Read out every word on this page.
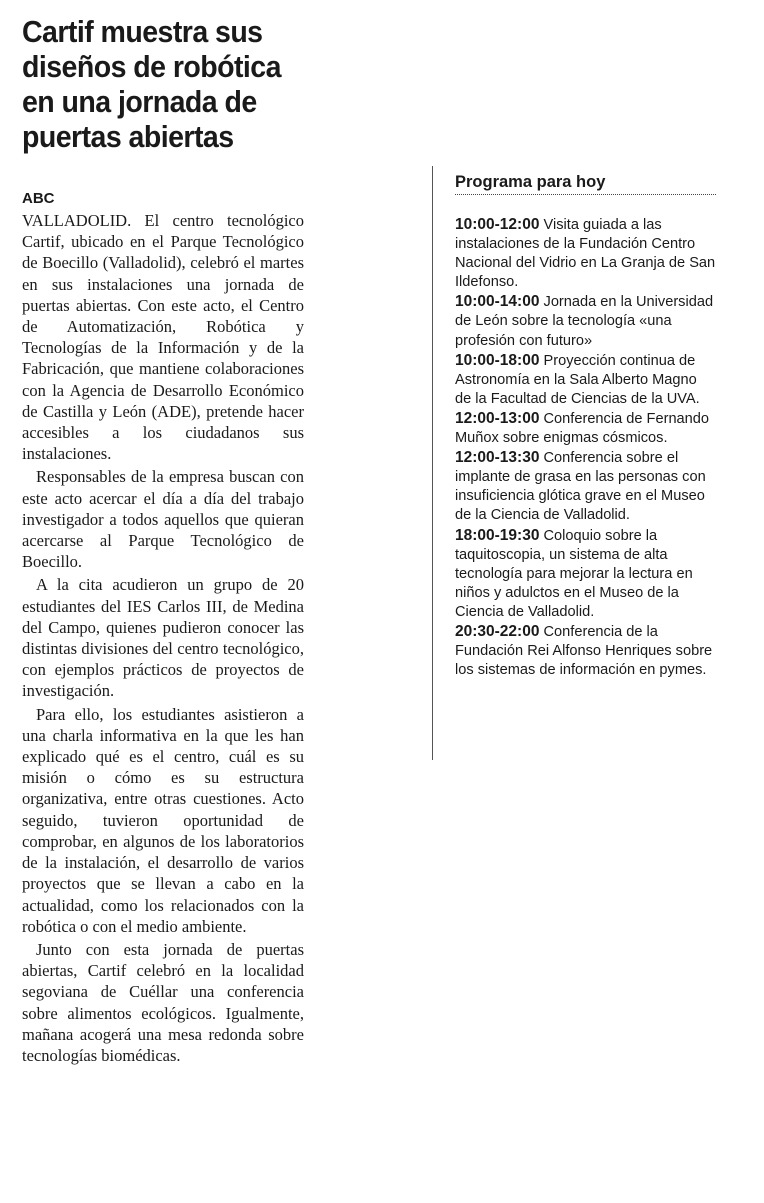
Cartif muestra sus diseños de robótica en una jornada de puertas abiertas
ABC

VALLADOLID. El centro tecnológico Cartif, ubicado en el Parque Tecnológico de Boecillo (Valladolid), celebró el martes en sus instalaciones una jornada de puertas abiertas. Con este acto, el Centro de Automatización, Robótica y Tecnologías de la Información y de la Fabricación, que mantiene colaboraciones con la Agencia de Desarrollo Económico de Castilla y León (ADE), pretende hacer accesibles a los ciudadanos sus instalaciones.

Responsables de la empresa buscan con este acto acercar el día a día del trabajo investigador a todos aquellos que quieran acercarse al Parque Tecnológico de Boecillo.

A la cita acudieron un grupo de 20 estudiantes del IES Carlos III, de Medina del Campo, quienes pudieron conocer las distintas divisiones del centro tecnológico, con ejemplos prácticos de proyectos de investigación.

Para ello, los estudiantes asistieron a una charla informativa en la que les han explicado qué es el centro, cuál es su misión o cómo es su estructura organizativa, entre otras cuestiones. Acto seguido, tuvieron oportunidad de comprobar, en algunos de los laboratorios de la instalación, el desarrollo de varios proyectos que se llevan a cabo en la actualidad, como los relacionados con la robótica o con el medio ambiente.

Junto con esta jornada de puertas abiertas, Cartif celebró en la localidad segoviana de Cuéllar una conferencia sobre alimentos ecológicos. Igualmente, mañana acogerá una mesa redonda sobre tecnologías biomédicas.

Programa para hoy

10:00-12:00 Visita guiada a las instalaciones de la Fundación Centro Nacional del Vidrio en La Granja de San Ildefonso.

10:00-14:00 Jornada en la Universidad de León sobre la tecnología «una profesión con futuro»

10:00-18:00 Proyección continua de Astronomía en la Sala Alberto Magno de la Facultad de Ciencias de la UVA.

12:00-13:00 Conferencia de Fernando Muñox sobre enigmas cósmicos.

12:00-13:30 Conferencia sobre el implante de grasa en las personas con insuficiencia glótica grave en el Museo de la Ciencia de Valladolid.

18:00-19:30 Coloquio sobre la taquitoscopia, un sistema de alta tecnología para mejorar la lectura en niños y adulctos en el Museo de la Ciencia de Valladolid.

20:30-22:00 Conferencia de la Fundación Rei Alfonso Henriques sobre los sistemas de información en pymes.
